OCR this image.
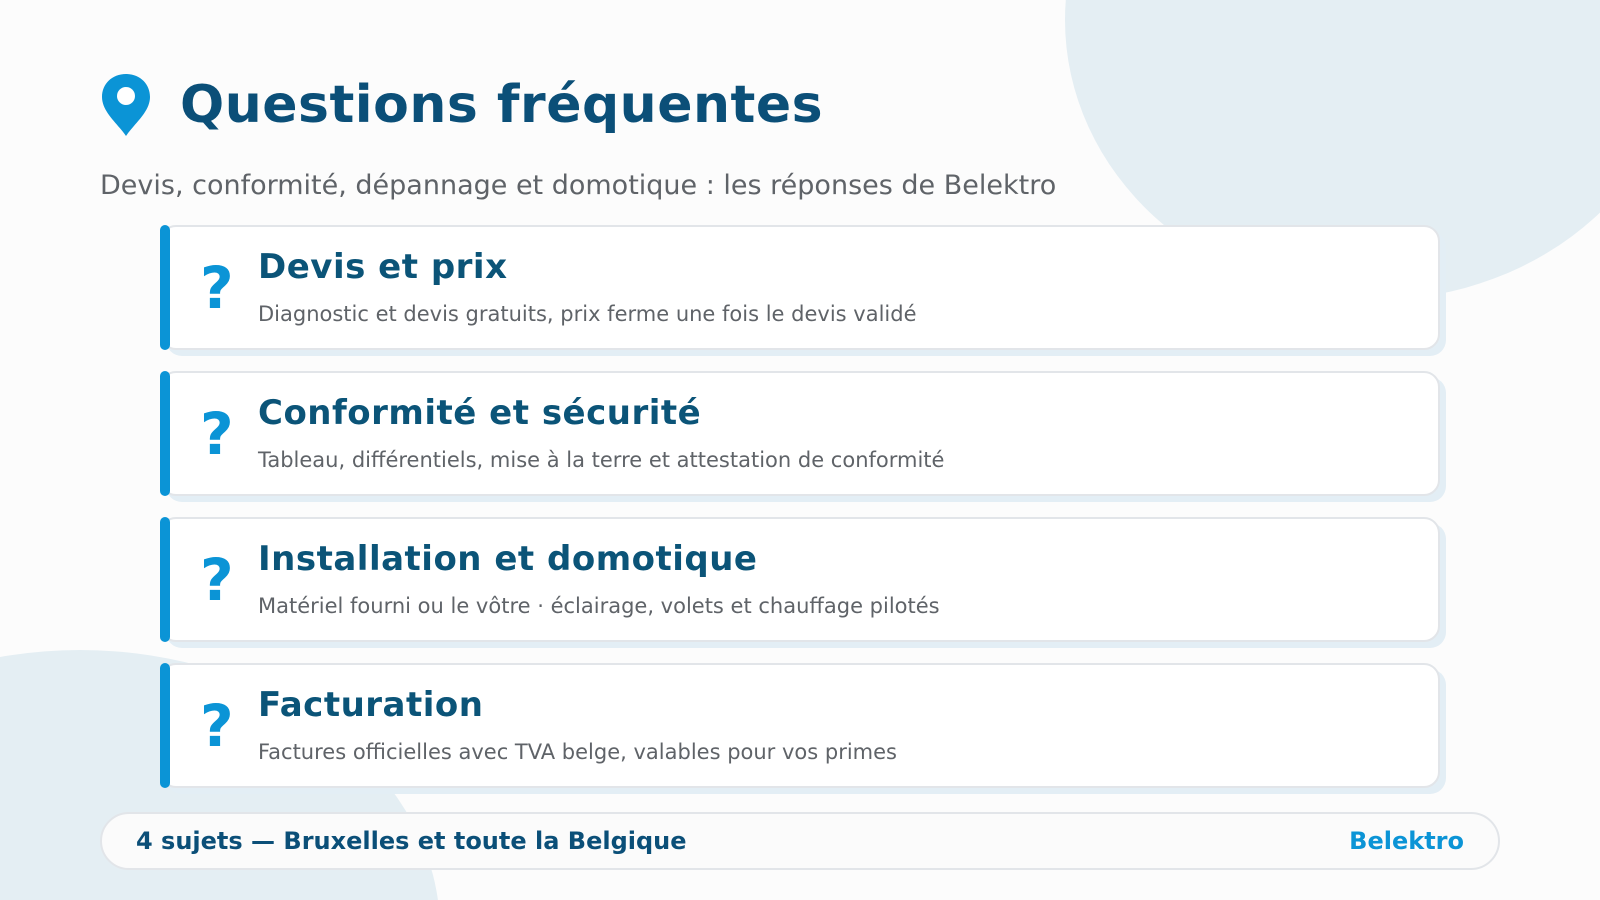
Questions fréquentes
Devis, conformité, dépannage et domotique : les réponses de Belektro
? Devis et prix
Diagnostic et devis gratuits, prix ferme une fois le devis validé
? Conformité et sécurité
Tableau, différentiels, mise à la terre et attestation de conformité
? Installation et domotique
Matériel fourni ou le vôtre · éclairage, volets et chauffage pilotés
? Facturation
Factures officielles avec TVA belge, valables pour vos primes
4 sujets — Bruxelles et toute la Belgique	Belektro
